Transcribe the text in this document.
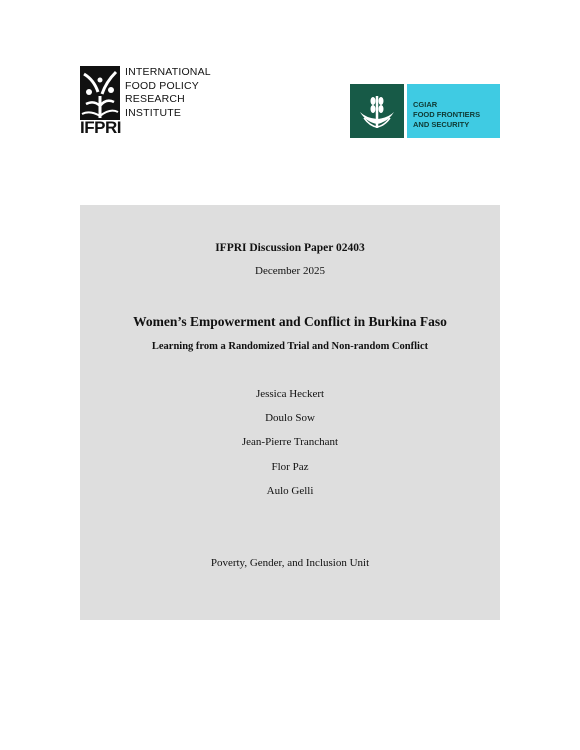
IFPRI
INTERNATIONAL
FOOD POLICY
RESEARCH
INSTITUTE
CGIAR
FOOD FRONTIERS
AND SECURITY
IFPRI Discussion Paper 02403
December 2025
Women’s Empowerment and Conflict in Burkina Faso
Learning from a Randomized Trial and Non-random Conflict
Jessica Heckert
Doulo Sow
Jean-Pierre Tranchant
Flor Paz
Aulo Gelli
Poverty, Gender, and Inclusion Unit
